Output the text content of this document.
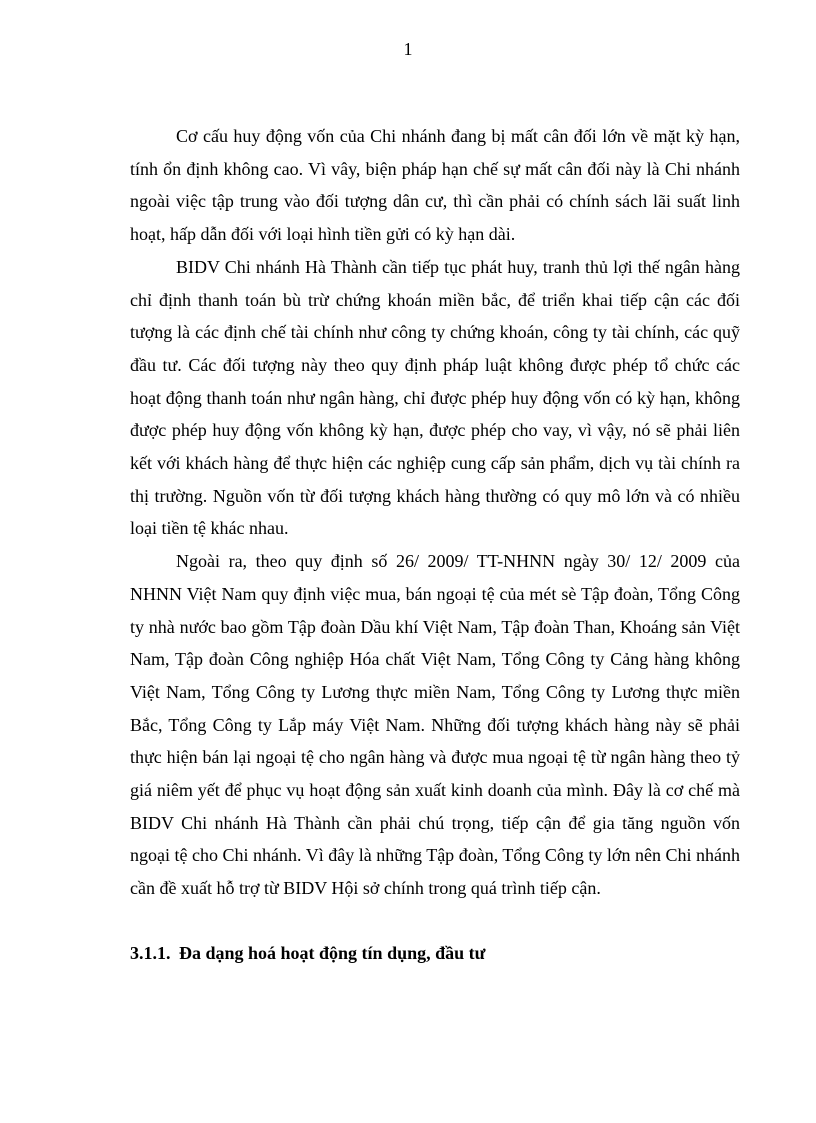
1

Cơ cấu huy động vốn của Chi nhánh đang bị mất cân đối lớn về mặt kỳ hạn, tính ổn định không cao. Vì vây, biện pháp hạn chế sự mất cân đối này là Chi nhánh ngoài việc tập trung vào đối tượng dân cư, thì cần phải có chính sách lãi suất linh hoạt, hấp dẫn đối với loại hình tiền gửi có kỳ hạn dài.

BIDV Chi nhánh Hà Thành cần tiếp tục phát huy, tranh thủ lợi thế ngân hàng chỉ định thanh toán bù trừ chứng khoán miền bắc, để triển khai tiếp cận các đối tượng là các định chế tài chính như công ty chứng khoán, công ty tài chính, các quỹ đầu tư. Các đối tượng này theo quy định pháp luật không được phép tổ chức các hoạt động thanh toán như ngân hàng, chỉ được phép huy động vốn có kỳ hạn, không được phép huy động vốn không kỳ hạn, được phép cho vay, vì vậy, nó sẽ phải liên kết với khách hàng để thực hiện các nghiệp cung cấp sản phẩm, dịch vụ tài chính ra thị trường. Nguồn vốn từ đối tượng khách hàng thường có quy mô lớn và có nhiều loại tiền tệ khác nhau.

Ngoài ra, theo quy định số 26/ 2009/ TT-NHNN ngày 30/ 12/ 2009 của NHNN Việt Nam quy định việc mua, bán ngoại tệ của mét sè Tập đoàn, Tổng Công ty nhà nước bao gồm Tập đoàn Dầu khí Việt Nam, Tập đoàn Than, Khoáng sản Việt Nam, Tập đoàn Công nghiệp Hóa chất Việt Nam, Tổng Công ty Cảng hàng không Việt Nam, Tổng Công ty Lương thực miền Nam, Tổng Công ty Lương thực miền Bắc, Tổng Công ty Lắp máy Việt Nam. Những đối tượng khách hàng này sẽ phải thực hiện bán lại ngoại tệ cho ngân hàng và được mua ngoại tệ từ ngân hàng theo tỷ giá niêm yết để phục vụ hoạt động sản xuất kinh doanh của mình. Đây là cơ chế mà BIDV Chi nhánh Hà Thành cần phải chú trọng, tiếp cận để gia tăng nguồn vốn ngoại tệ cho Chi nhánh. Vì đây là những Tập đoàn, Tổng Công ty lớn nên Chi nhánh cần đề xuất hỗ trợ từ BIDV Hội sở chính trong quá trình tiếp cận.

3.1.1. Đa dạng hoá hoạt động tín dụng, đầu tư
